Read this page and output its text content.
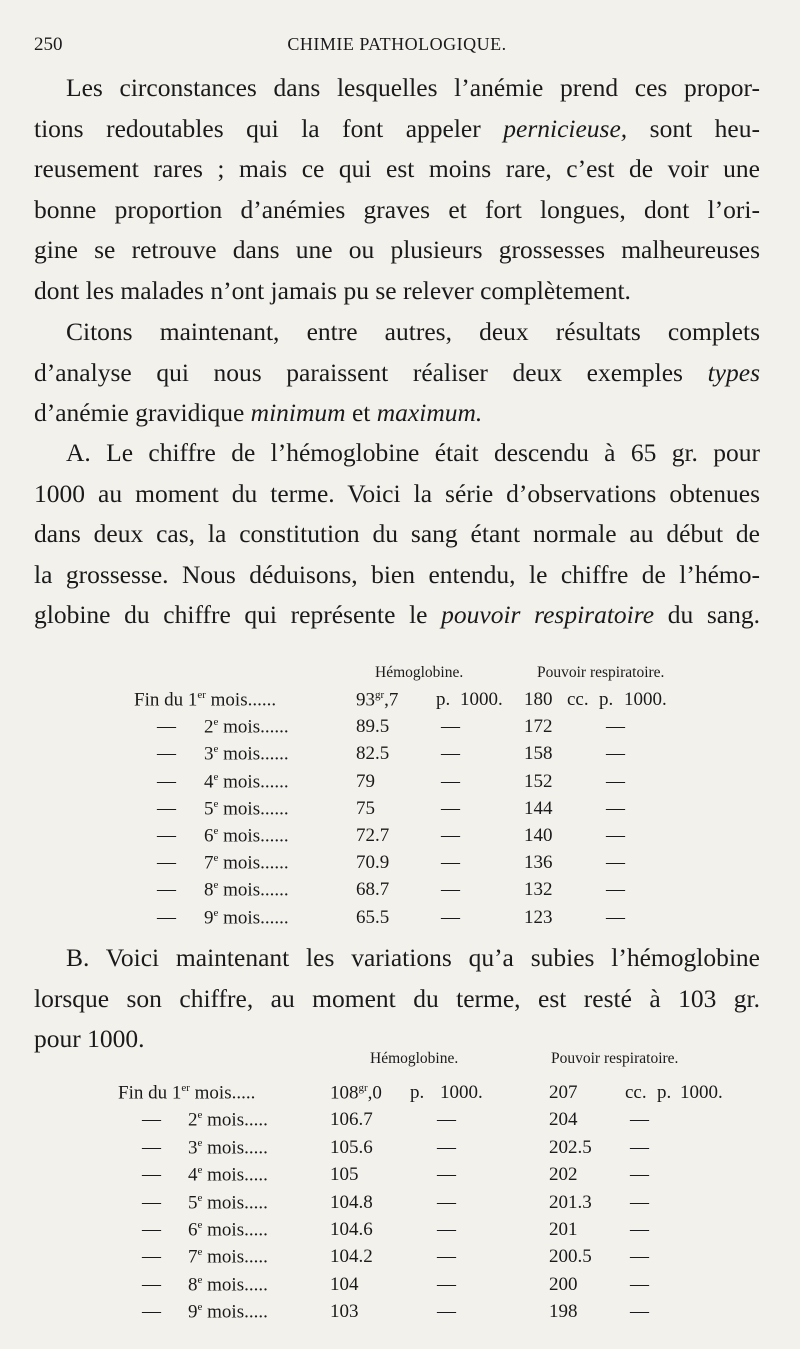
250	CHIMIE PATHOLOGIQUE.
Les circonstances dans lesquelles l’anémie prend ces propor-
tions redoutables qui la font appeler pernicieuse, sont heu-
reusement rares ; mais ce qui est moins rare, c’est de voir une
bonne proportion d’anémies graves et fort longues, dont l’ori-
gine se retrouve dans une ou plusieurs grossesses malheureuses
dont les malades n’ont jamais pu se relever complètement.
Citons maintenant, entre autres, deux résultats complets
d’analyse qui nous paraissent réaliser deux exemples types
d’anémie gravidique minimum et maximum.
A. Le chiffre de l’hémoglobine était descendu à 65 gr. pour
1000 au moment du terme. Voici la série d’observations obtenues
dans deux cas, la constitution du sang étant normale au début de
la grossesse. Nous déduisons, bien entendu, le chiffre de l’hémo-
globine du chiffre qui représente le pouvoir respiratoire du sang.
Hémoglobine.	Pouvoir respiratoire.
Fin du 1er mois......	$93^{gr},7$ p. 1000. 180 cc. p. 1000.
— 2e mois......	89.5	—	172	—
— 3e mois......	82.5	—	158	—
— 4e mois......	79	—	152	—
— 5e mois......	75	—	144	—
— 6e mois......	72.7	—	140	—
— 7e mois......	70.9	—	136	—
— 8e mois......	68.7	—	132	—
— 9e mois......	65.5	—	123	—
B. Voici maintenant les variations qu’a subies l’hémoglobine
lorsque son chiffre, au moment du terme, est resté à 103 gr.
pour 1000.
Hémoglobine.	Pouvoir respiratoire.
Fin du 1er mois.....	$108^{gr},0$ p. 1000.	207	cc. p. 1000.
— 2e mois.....	106.7	—	204	—
— 3e mois.....	105.6	—	202.5 —
— 4e mois.....	105	—	202	—
— 5e mois.....	104.8	—	201.3 —
— 6e mois.....	104.6	—	201	—
— 7e mois.....	104.2	—	200.5 —
— 8e mois.....	104	—	200	—
— 9e mois.....	103	—	198	—
